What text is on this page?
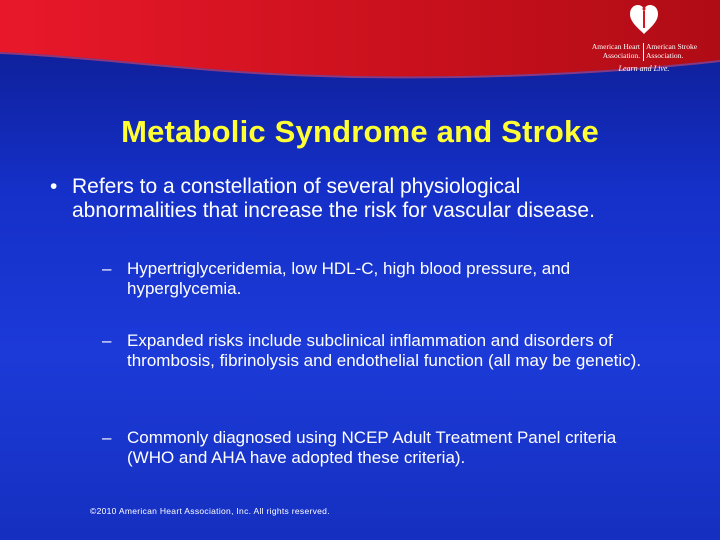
American Heart
Association.
American Stroke
Association.
Learn and Live.
Metabolic Syndrome and Stroke
• Refers to a constellation of several physiological abnormalities that increase the risk for vascular disease.
– Hypertriglyceridemia, low HDL-C, high blood pressure, and hyperglycemia.
– Expanded risks include subclinical inflammation and disorders of thrombosis, fibrinolysis and endothelial function (all may be genetic).
– Commonly diagnosed using NCEP Adult Treatment Panel criteria (WHO and AHA have adopted these criteria).
©2010 American Heart Association, Inc. All rights reserved.
